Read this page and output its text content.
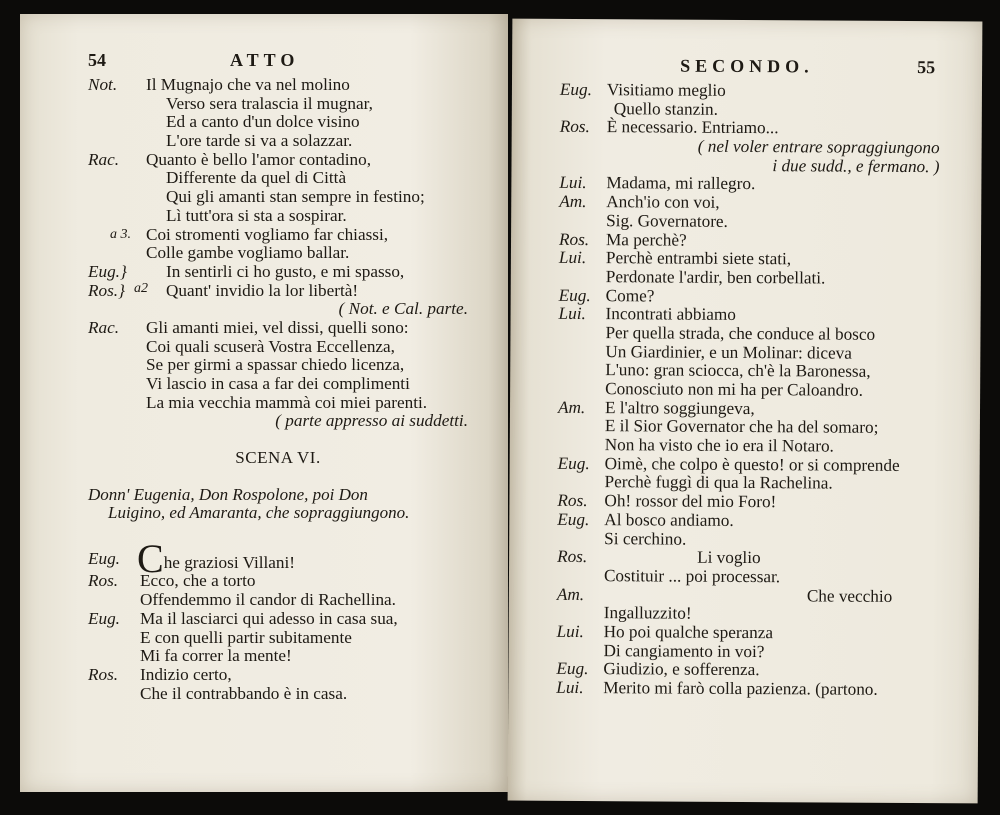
54	ATTO
Not. Il Mugnajo che va nel molino
Verso sera tralascia il mugnar,
Ed a canto d'un dolce visino
L'ore tarde si va a solazzar.
Rac. Quanto è bello l'amor contadino,
Differente da quel di Città
Qui gli amanti stan sempre in festino;
Lì tutt'ora si sta a sospirar.
a 3. Coi stromenti vogliamo far chiassi,
Colle gambe vogliamo ballar.
Eug.} In sentirli ci ho gusto, e mi spasso,
Ros.} a2 Quant' invidio la lor libertà!
( Not. e Cal. parte.
Rac. Gli amanti miei, vel dissi, quelli sono:
Coi quali scuserà Vostra Eccellenza,
Se per girmi a spassar chiedo licenza,
Vi lascio in casa a far dei complimenti
La mia vecchia mammà coi miei parenti.
( parte appresso ai suddetti.
SCENA VI.
Donn' Eugenia, Don Rospolone, poi Don
Luigino, ed Amaranta, che sopraggiungono.
Eug. Che graziosi Villani!
Ros. Ecco, che a torto
Offendemmo il candor di Rachellina.
Eug. Ma il lasciarci qui adesso in casa sua,
E con quelli partir subitamente
Mi fa correr la mente!
Ros. Indizio certo,
Che il contrabbando è in casa.
SECONDO.	55
Eug. Visitiamo meglio
Quello stanzin.
Ros. È necessario. Entriamo...
( nel voler entrare sopraggiungono
i due sudd., e fermano. )
Lui. Madama, mi rallegro.
Am. Anch'io con voi,
Sig. Governatore.
Ros. Ma perchè?
Lui. Perchè entrambi siete stati,
Perdonate l'ardir, ben corbellati.
Eug. Come?
Lui. Incontrati abbiamo
Per quella strada, che conduce al bosco
Un Giardinier, e un Molinar: diceva
L'uno: gran sciocca, ch'è la Baronessa,
Conosciuto non mi ha per Caloandro.
Am. E l'altro soggiungeva,
E il Sior Governator che ha del somaro;
Non ha visto che io era il Notaro.
Eug. Oimè, che colpo è questo! or si comprende
Perchè fuggì di qua la Rachelina.
Ros. Oh! rossor del mio Foro!
Eug. Al bosco andiamo.
Si cerchino.
Ros.	Li voglio
Costituir ... poi processar.
Am.	Che vecchio
Ingalluzzito!
Lui. Ho poi qualche speranza
Di cangiamento in voi?
Eug. Giudizio, e sofferenza.
Lui. Merito mi farò colla pazienza. (partono.
